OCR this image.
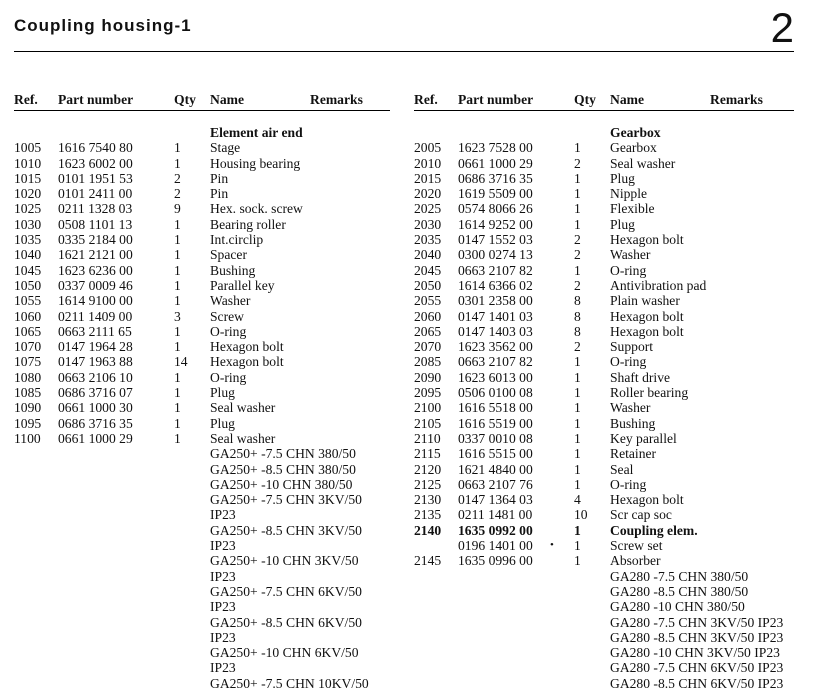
Coupling housing-1	2
Ref. Part number	Qty Name	Remarks
Element air end
1005 1616 7540 80	1 Stage
1010 1623 6002 00	1 Housing bearing
1015 0101 1951 53	2 Pin
1020 0101 2411 00	2 Pin
1025 0211 1328 03	9 Hex. sock. screw
1030 0508 1101 13	1 Bearing roller
1035 0335 2184 00	1 Int.circlip
1040 1621 2121 00	1 Spacer
1045 1623 6236 00	1 Bushing
1050 0337 0009 46	1 Parallel key
1055 1614 9100 00	1 Washer
1060 0211 1409 00	3 Screw
1065 0663 2111 65	1 O-ring
1070 0147 1964 28	1 Hexagon bolt
1075 0147 1963 88	14 Hexagon bolt
1080 0663 2106 10	1 O-ring
1085 0686 3716 07	1 Plug
1090 0661 1000 30	1 Seal washer
1095 0686 3716 35	1 Plug
1100 0661 1000 29	1 Seal washer
GA250+ -7.5 CHN 380/50
GA250+ -8.5 CHN 380/50
GA250+ -10 CHN 380/50
GA250+ -7.5 CHN 3KV/50
IP23
GA250+ -8.5 CHN 3KV/50
IP23
GA250+ -10 CHN 3KV/50
IP23
GA250+ -7.5 CHN 6KV/50
IP23
GA250+ -8.5 CHN 6KV/50
IP23
GA250+ -10 CHN 6KV/50
IP23
GA250+ -7.5 CHN 10KV/50
Ref. Part number	Qty Name	Remarks
Gearbox
2005 1623 7528 00	1 Gearbox
2010 0661 1000 29	2 Seal washer
2015 0686 3716 35	1 Plug
2020 1619 5509 00	1 Nipple
2025 0574 8066 26	1 Flexible
2030 1614 9252 00	1 Plug
2035 0147 1552 03	2 Hexagon bolt
2040 0300 0274 13	2 Washer
2045 0663 2107 82	1 O-ring
2050 1614 6366 02	2 Antivibration pad
2055 0301 2358 00	8 Plain washer
2060 0147 1401 03	8 Hexagon bolt
2065 0147 1403 03	8 Hexagon bolt
2070 1623 3562 00	2 Support
2085 0663 2107 82	1 O-ring
2090 1623 6013 00	1 Shaft drive
2095 0506 0100 08	1 Roller bearing
2100 1616 5518 00	1 Washer
2105 1616 5519 00	1 Bushing
2110 0337 0010 08	1 Key parallel
2115 1616 5515 00	1 Retainer
2120 1621 4840 00	1 Seal
2125 0663 2107 76	1 O-ring
2130 0147 1364 03	4 Hexagon bolt
2135 0211 1481 00	10 Scr cap soc
2140 1635 0992 00	1 Coupling elem.
0196 1401 00 • 1 Screw set
2145 1635 0996 00	1 Absorber
GA280 -7.5 CHN 380/50
GA280 -8.5 CHN 380/50
GA280 -10 CHN 380/50
GA280 -7.5 CHN 3KV/50 IP23
GA280 -8.5 CHN 3KV/50 IP23
GA280 -10 CHN 3KV/50 IP23
GA280 -7.5 CHN 6KV/50 IP23
GA280 -8.5 CHN 6KV/50 IP23
